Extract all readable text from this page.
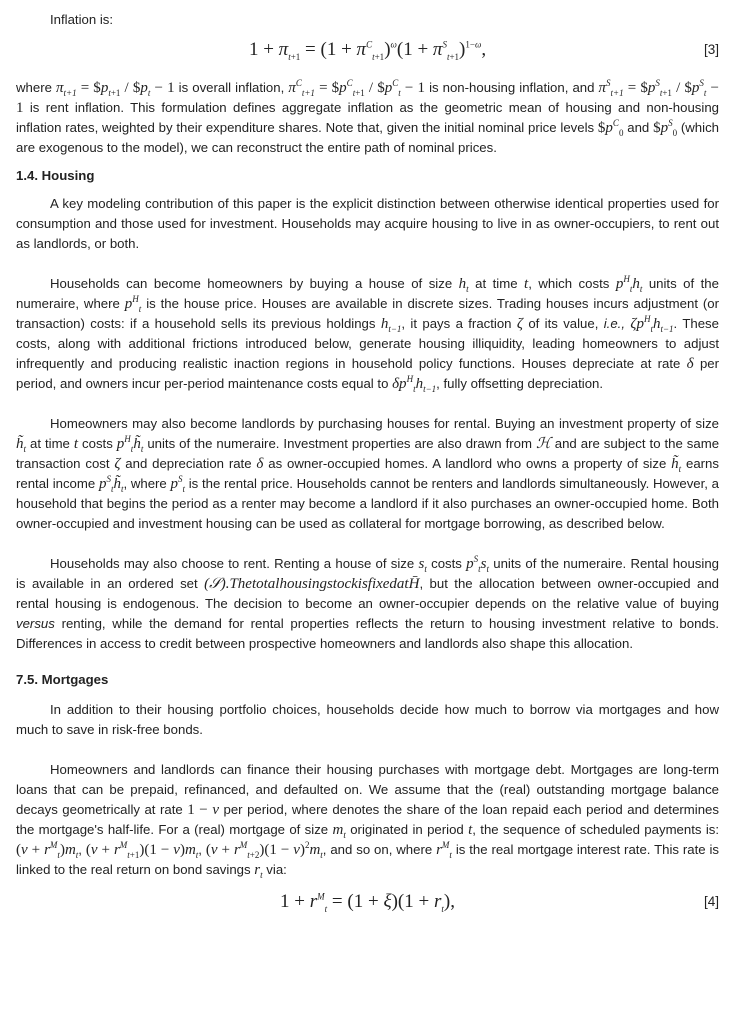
Inflation is:

$1 + \pi_{t+1} = (1 + \pi^C_{t+1})^\omega(1 + \pi^S_{t+1})^{1-\omega}$,	[3]

where $\pi_{t+1}$ = $\$p_{t+1}$ / $\$p_t - 1$ is overall inflation, $\pi^C_{t+1}$ = $\$p^C_{t+1}$ / $\$p^C_t - 1$ is non-housing inflation, and $\pi^S_{t+1}$ = $\$p^S_{t+1}$ / $\$p^S_t - 1$ is rent inflation. This formulation defines aggregate inflation as the geometric mean of housing and non-housing inflation rates, weighted by their expenditure shares. Note that, given the initial nominal price levels $\$p^C_0$ and $\$p^S_0$ (which are exogenous to the model), we can reconstruct the entire path of nominal prices.

1.4. Housing

A key modeling contribution of this paper is the explicit distinction between otherwise identical properties used for consumption and those used for investment. Households may acquire housing to live in as owner-occupiers, to rent out as landlords, or both.

Households can become homeowners by buying a house of size $h_t$ at time t, which costs $p^H_th_t$ units of the numeraire, where $p^H_t$ is the house price. Houses are available in discrete sizes. Trading houses incurs adjustment (or transaction) costs: if a household sells its previous holdings $h_{t-1}$, it pays a fraction ζ of its value, i.e., $\zeta p^H_th_{t-1}$. These costs, along with additional frictions introduced below, generate housing illiquidity, leading homeowners to adjust infrequently and producing realistic inaction regions in household policy functions. Houses depreciate at rate δ per period, and owners incur per-period maintenance costs equal to $\delta p^H_th_{t-1}$, fully offsetting depreciation.

Homeowners may also become landlords by purchasing houses for rental. Buying an investment property of size $h̃_t$ at time t costs $p^H_th̃_t$ units of the numeraire. Investment properties are also drawn from ℋ and are subject to the same transaction cost ζ and depreciation rate δ as owner-occupied homes. A landlord who owns a property of size $h̃_t$ earns rental income $p^S_th̃_t$, where $p^S_t$ is the rental price. Households cannot be renters and landlords simultaneously. However, a household that begins the period as a renter may become a landlord if it also purchases an owner-occupied home. Both owner-occupied and investment housing can be used as collateral for mortgage borrowing, as described below.

Households may also choose to rent. Renting a house of size $s_t$ costs $p^S_ts_t$ units of the numeraire. Rental housing is available in an ordered set (𝒮).ThetotalhousingstockisfixedatH̄, but the allocation between owner-occupied and rental housing is endogenous. The decision to become an owner-occupier depends on the relative value of buying versus renting, while the demand for rental properties reflects the return to housing investment relative to bonds. Differences in access to credit between prospective homeowners and landlords also shape this allocation.

7.5. Mortgages

In addition to their housing portfolio choices, households decide how much to borrow via mortgages and how much to save in risk-free bonds.

Homeowners and landlords can finance their housing purchases with mortgage debt. Mortgages are long-term loans that can be prepaid, refinanced, and defaulted on. We assume that the (real) outstanding mortgage balance decays geometrically at rate 1 − ν per period, where denotes the share of the loan repaid each period and determines the mortgage's half-life. For a (real) mortgage of size $m_t$ originated in period t, the sequence of scheduled payments is: $(\nu + r^M_t)m_t$, $(\nu + r^M_{t+1})(1 - \nu)m_t$, $(\nu + r^M_{t+2})(1 - \nu)^2m_t$, and so on, where $r^M_t$ is the real mortgage interest rate. This rate is linked to the real return on bond savings $r_t$ via:

$1 + r^M_t = (1 + \xi)(1 + r_t)$,	[4]
